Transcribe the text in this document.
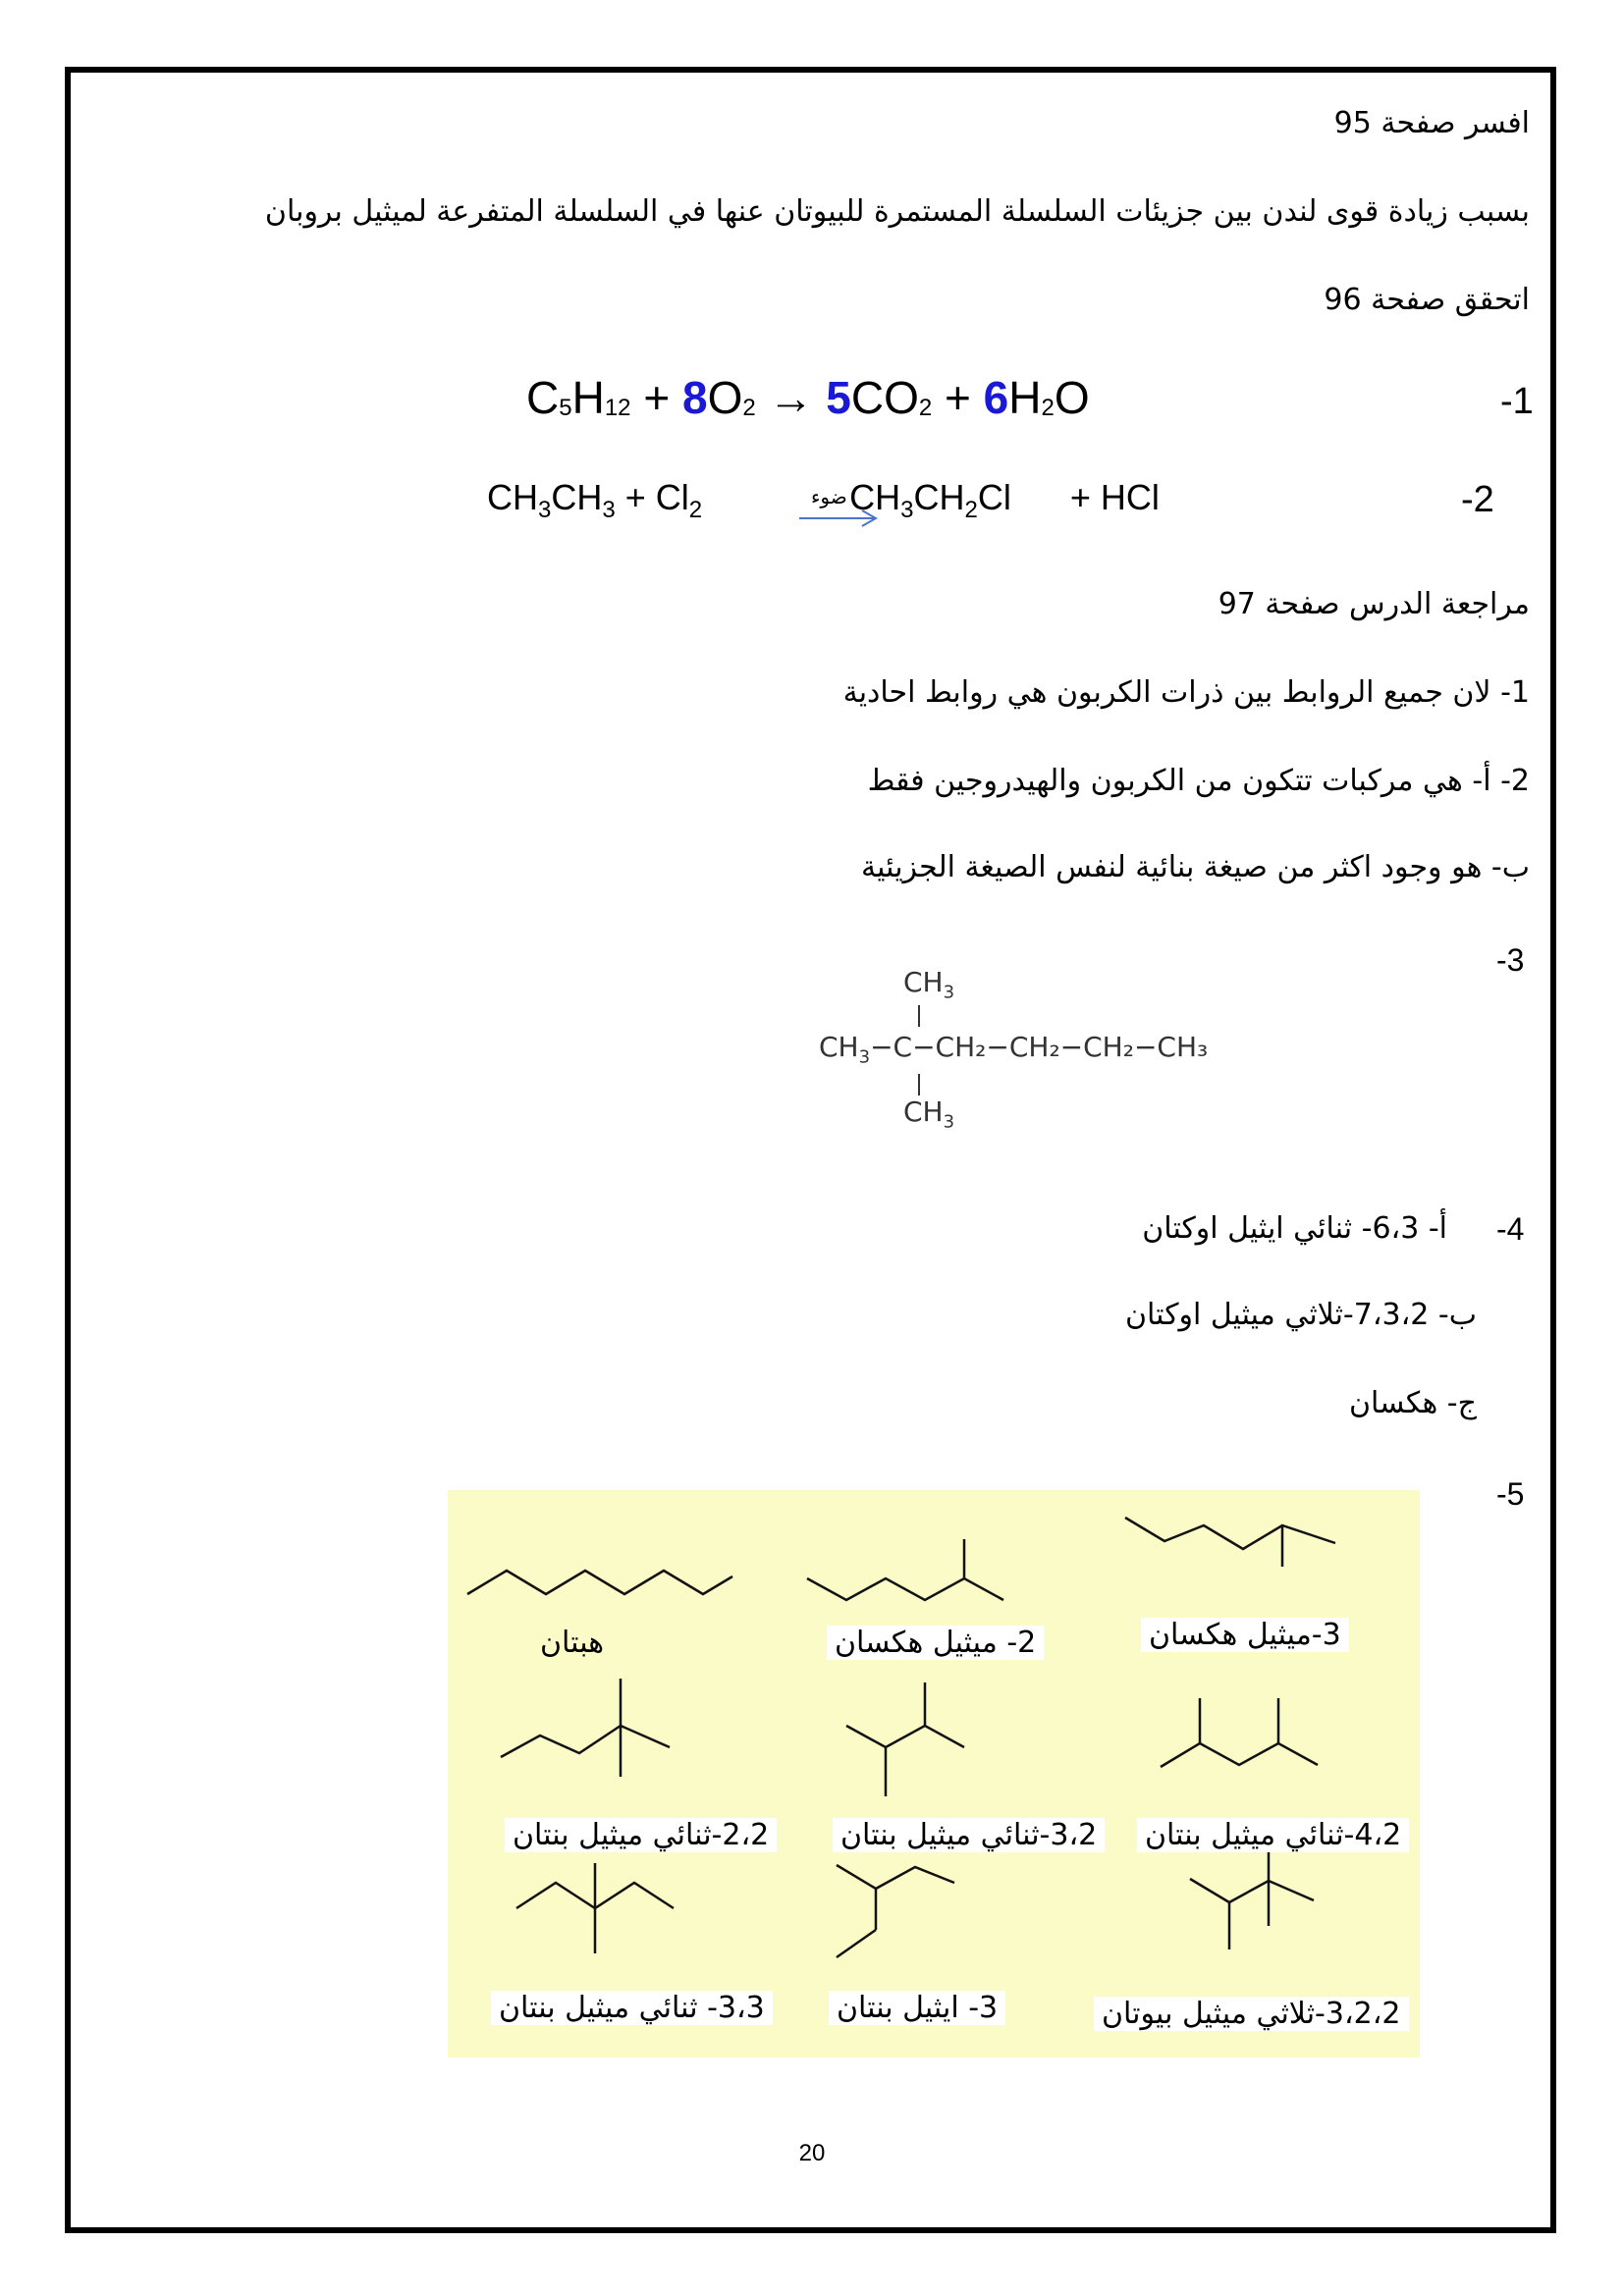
افسر صفحة 95
بسبب زيادة قوى لندن بين جزيئات السلسلة المستمرة للبيوتان عنها في السلسلة المتفرعة لميثيل بروبان
اتحقق صفحة 96
-1
$C_5H_{12} + 8O_2 \to 5CO_2 + 6H_2O$
-2
$CH_3CH_3 + Cl_2$	$CH_3CH_2Cl$ + HCl
ضوء
مراجعة الدرس صفحة 97
1- لان جميع الروابط بين ذرات الكربون هي روابط احادية
2- أ- هي مركبات تتكون من الكربون والهيدروجين فقط
ب- هو وجود اكثر من صيغة بنائية لنفس الصيغة الجزيئية
-3
$CH_3$
$CH_3-C-CH_2-CH_2-CH_2-CH_3$
$CH_3$
-4
أ- 6،3- ثنائي ايثيل اوكتان
ب- 7،3،2-ثلاثي ميثيل اوكتان
ج- هكسان
-5
هبتان	2- ميثيل هكسان	3-ميثيل هكسان
2،2-ثنائي ميثيل بنتان 3،2-ثنائي ميثيل بنتان 4،2-ثنائي ميثيل بنتان
3،3- ثنائي ميثيل بنتان 3- ايثيل بنتان	3،2،2-ثلاثي ميثيل بيوتان
20
